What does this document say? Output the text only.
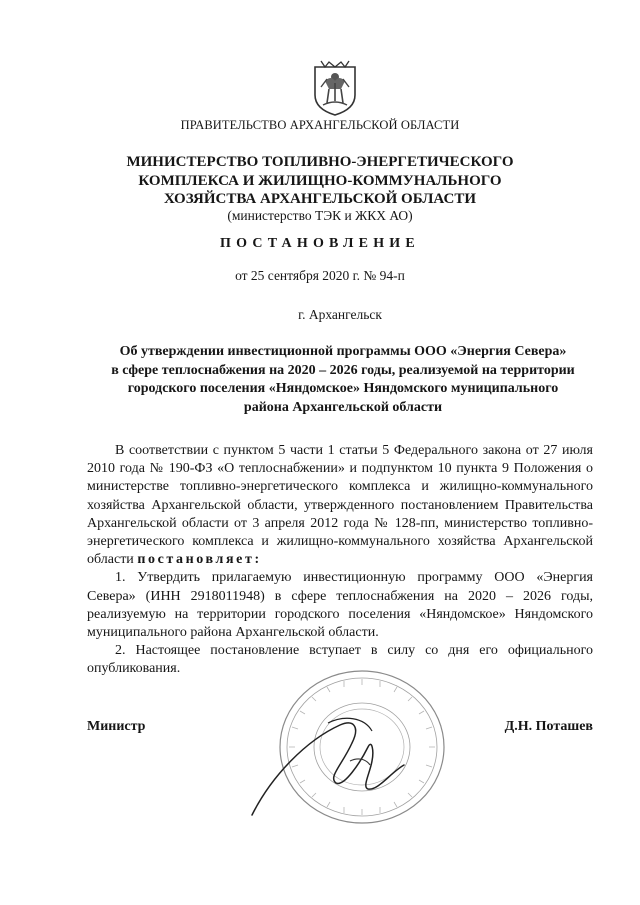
ПРАВИТЕЛЬСТВО АРХАНГЕЛЬСКОЙ ОБЛАСТИ
МИНИСТЕРСТВО ТОПЛИВНО-ЭНЕРГЕТИЧЕСКОГО
КОМПЛЕКСА И ЖИЛИЩНО-КОММУНАЛЬНОГО
ХОЗЯЙСТВА АРХАНГЕЛЬСКОЙ ОБЛАСТИ
(министерство ТЭК и ЖКХ АО)
ПОСТАНОВЛЕНИЕ
от 25 сентября 2020 г. № 94-п
г. Архангельск
Об утверждении инвестиционной программы ООО «Энергия Севера»
в сфере теплоснабжения на 2020 – 2026 годы, реализуемой на территории
городского поселения «Няндомское» Няндомского муниципального
района Архангельской области

В соответствии с пунктом 5 части 1 статьи 5 Федерального закона от 27 июля 2010 года № 190-ФЗ «О теплоснабжении» и подпунктом 10 пункта 9 Положения о министерстве топливно-энергетического комплекса и жилищно-коммунального хозяйства Архангельской области, утвержденного постановлением Правительства Архангельской области от 3 апреля 2012 года № 128-пп, министерство топливно-энергетического комплекса и жилищно-коммунального хозяйства Архангельской области постановляет:

1. Утвердить прилагаемую инвестиционную программу ООО «Энергия Севера» (ИНН 2918011948) в сфере теплоснабжения на 2020 – 2026 годы, реализуемую на территории городского поселения «Няндомское» Няндомского муниципального района Архангельской области.

2. Настоящее постановление вступает в силу со дня его официального опубликования.

Министр	Д.Н. Поташев
